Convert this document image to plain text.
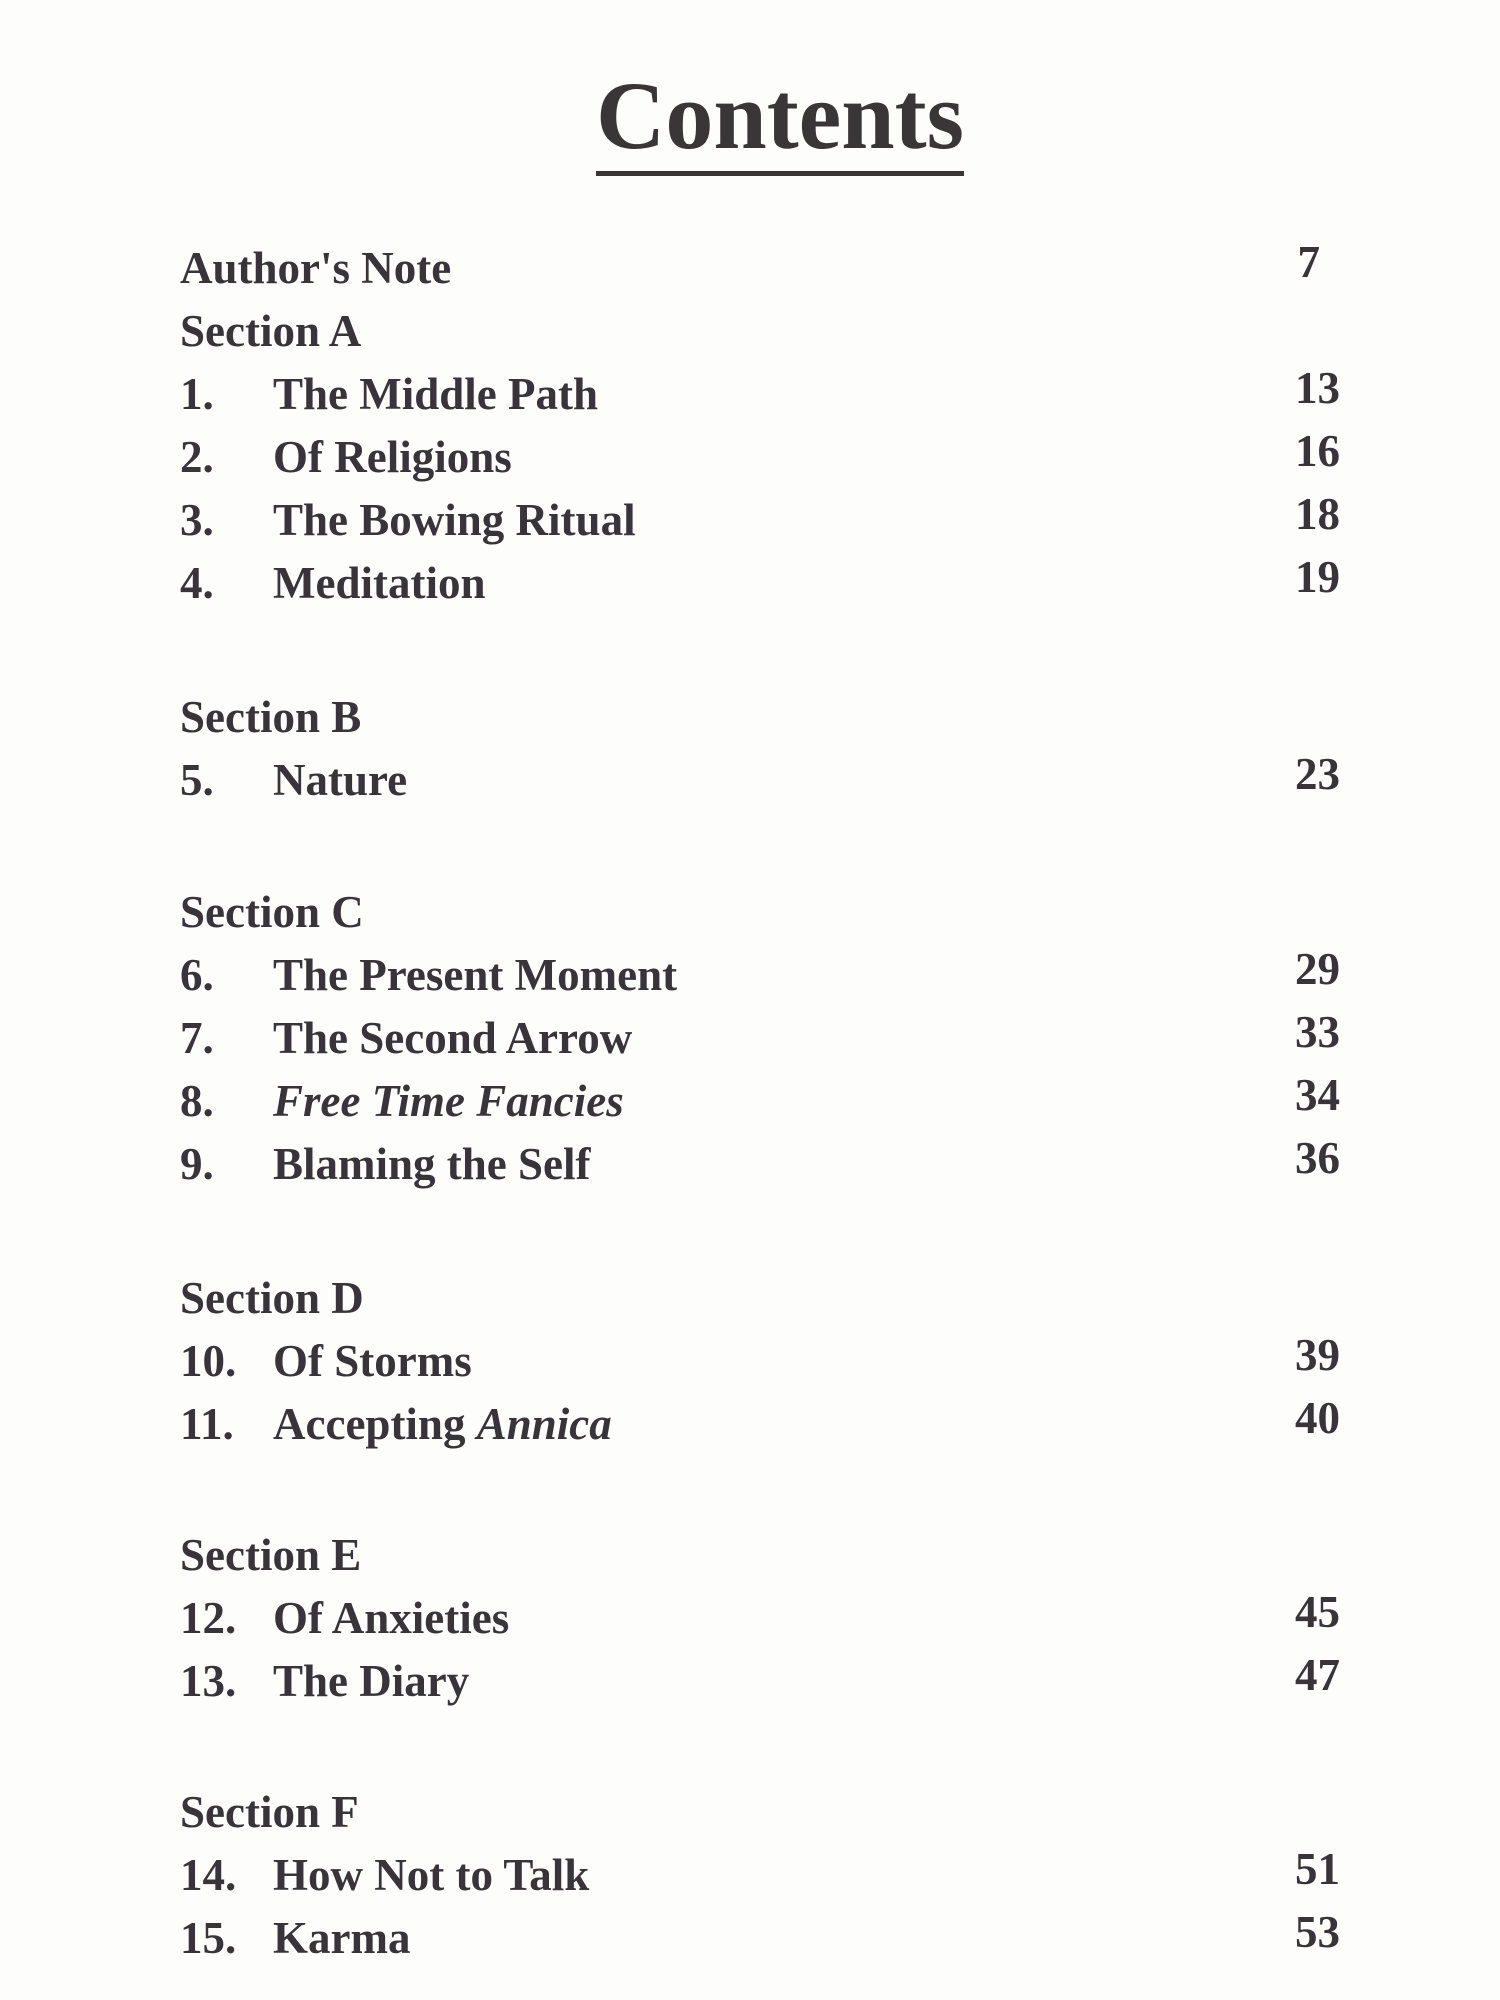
Contents
Author's Note	7
Section A
1. The Middle Path	13
2. Of Religions	16
3. The Bowing Ritual	18
4. Meditation	19
Section B
5. Nature	23
Section C
6. The Present Moment	29
7. The Second Arrow	33
8. Free Time Fancies	34
9. Blaming the Self	36
Section D
10. Of Storms	39
11. Accepting Annica	40
Section E
12. Of Anxieties	45
13. The Diary	47
Section F
14. How Not to Talk	51
15. Karma	53
